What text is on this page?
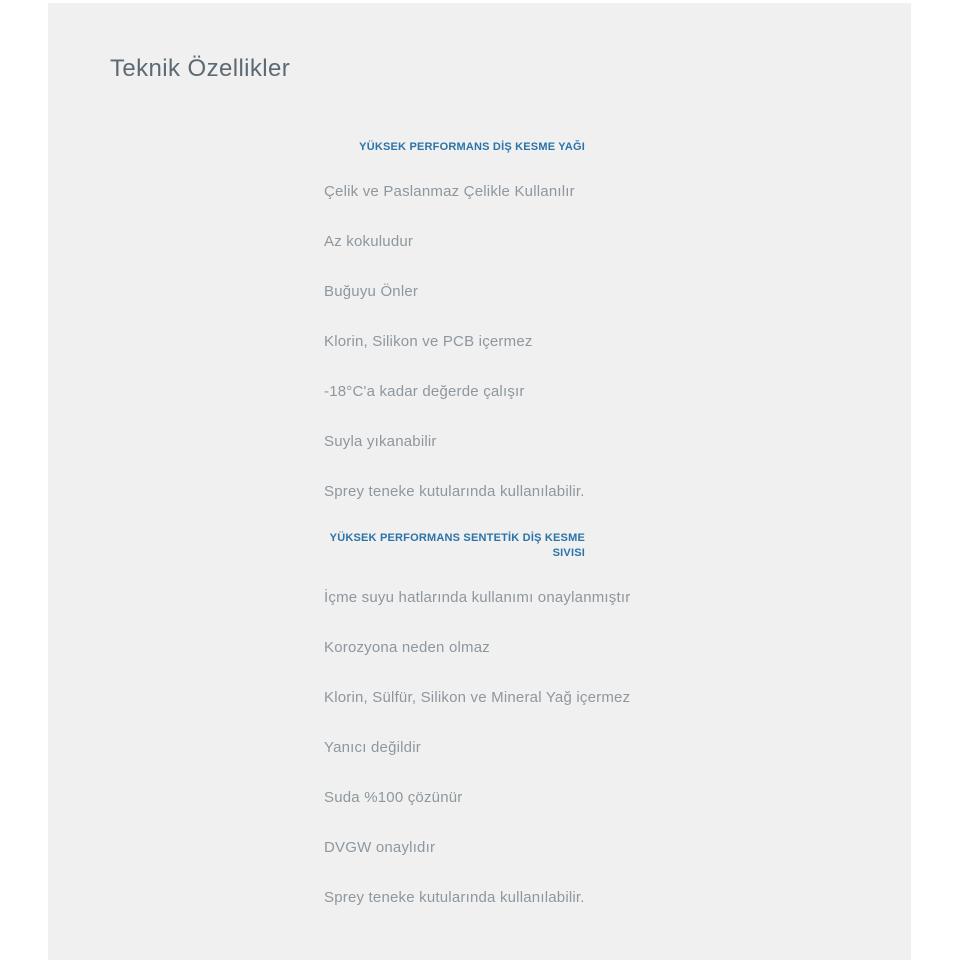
Teknik Özellikler
YÜKSEK PERFORMANS DİŞ KESME YAĞI
Çelik ve Paslanmaz Çelikle Kullanılır
Az kokuludur
Buğuyu Önler
Klorin, Silikon ve PCB içermez
-18°C'a kadar değerde çalışır
Suyla yıkanabilir
Sprey teneke kutularında kullanılabilir.
YÜKSEK PERFORMANS SENTETİK DİŞ KESME SIVISI
İçme suyu hatlarında kullanımı onaylanmıştır
Korozyona neden olmaz
Klorin, Sülfür, Silikon ve Mineral Yağ içermez
Yanıcı değildir
Suda %100 çözünür
DVGW onaylıdır
Sprey teneke kutularında kullanılabilir.
